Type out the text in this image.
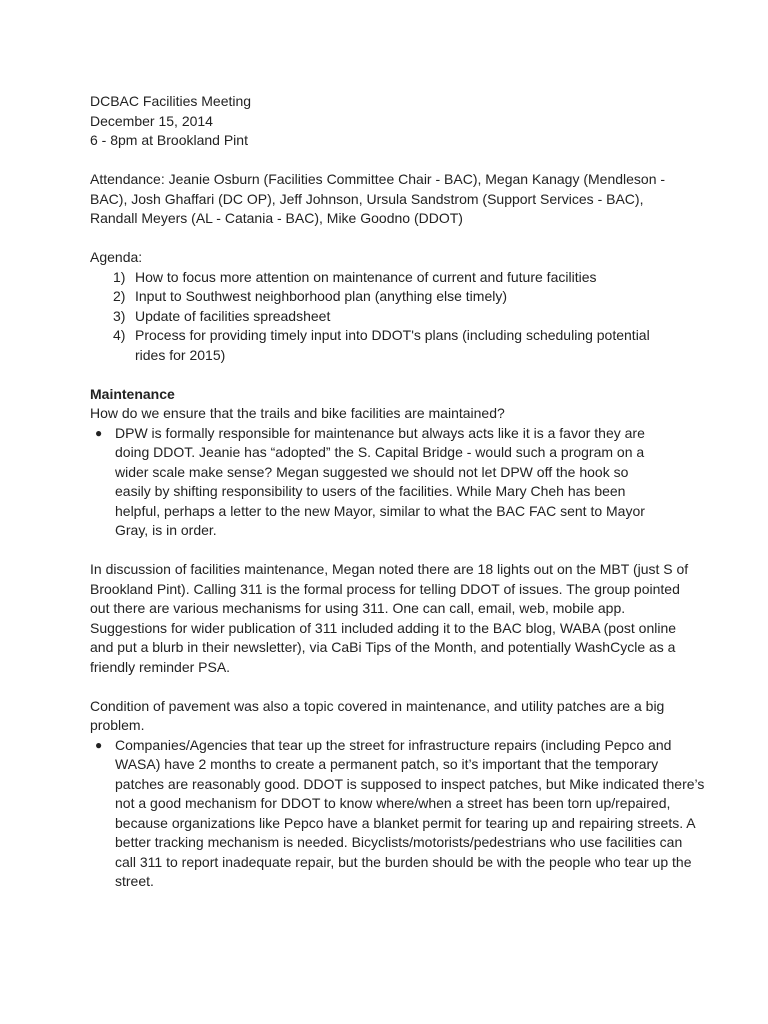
DCBAC Facilities Meeting

December 15, 2014

6 - 8pm at Brookland Pint

Attendance: Jeanie Osburn (Facilities Committee Chair - BAC), Megan Kanagy (Mendleson - BAC), Josh Ghaffari (DC OP), Jeff Johnson, Ursula Sandstrom (Support Services - BAC), Randall Meyers (AL - Catania - BAC), Mike Goodno (DDOT)

Agenda:

1) How to focus more attention on maintenance of current and future facilities
2) Input to Southwest neighborhood plan (anything else timely)
3) Update of facilities spreadsheet
4) Process for providing timely input into DDOT's plans (including scheduling potential rides for 2015)

Maintenance

How do we ensure that the trails and bike facilities are maintained?

● DPW is formally responsible for maintenance but always acts like it is a favor they are doing DDOT. Jeanie has “adopted” the S. Capital Bridge - would such a program on a wider scale make sense? Megan suggested we should not let DPW off the hook so easily by shifting responsibility to users of the facilities. While Mary Cheh has been helpful, perhaps a letter to the new Mayor, similar to what the BAC FAC sent to Mayor Gray, is in order.

In discussion of facilities maintenance, Megan noted there are 18 lights out on the MBT (just S of Brookland Pint). Calling 311 is the formal process for telling DDOT of issues. The group pointed out there are various mechanisms for using 311. One can call, email, web, mobile app. Suggestions for wider publication of 311 included adding it to the BAC blog, WABA (post online and put a blurb in their newsletter), via CaBi Tips of the Month, and potentially WashCycle as a friendly reminder PSA.

Condition of pavement was also a topic covered in maintenance, and utility patches are a big problem.

● Companies/Agencies that tear up the street for infrastructure repairs (including Pepco and WASA) have 2 months to create a permanent patch, so it’s important that the temporary patches are reasonably good. DDOT is supposed to inspect patches, but Mike indicated there’s not a good mechanism for DDOT to know where/when a street has been torn up/repaired, because organizations like Pepco have a blanket permit for tearing up and repairing streets. A better tracking mechanism is needed. Bicyclists/motorists/pedestrians who use facilities can call 311 to report inadequate repair, but the burden should be with the people who tear up the street.
